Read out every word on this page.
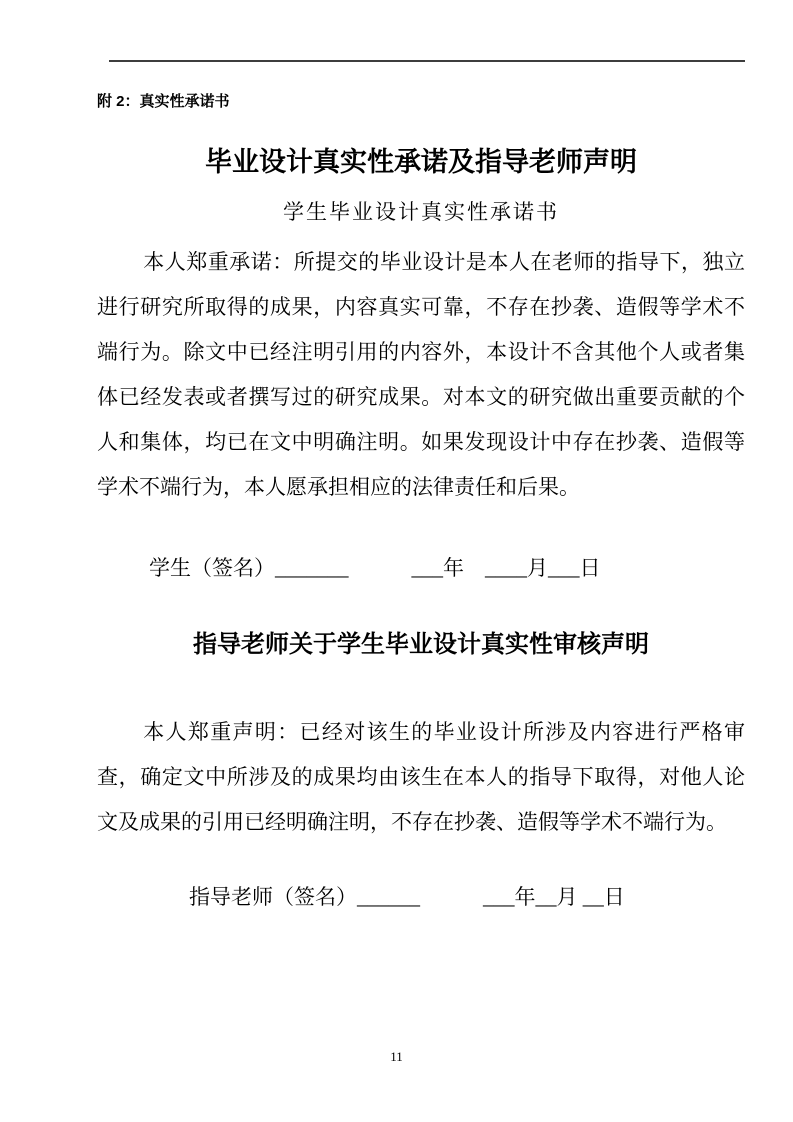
附 2：真实性承诺书
毕业设计真实性承诺及指导老师声明
学生毕业设计真实性承诺书

本人郑重承诺：所提交的毕业设计是本人在老师的指导下，独立进行研究所取得的成果，内容真实可靠，不存在抄袭、造假等学术不端行为。除文中已经注明引用的内容外，本设计不含其他个人或者集体已经发表或者撰写过的研究成果。对本文的研究做出重要贡献的个人和集体，均已在文中明确注明。如果发现设计中存在抄袭、造假等学术不端行为，本人愿承担相应的法律责任和后果。

学生（签名）_______　　　___年　____月___日

指导老师关于学生毕业设计真实性审核声明

本人郑重声明：已经对该生的毕业设计所涉及内容进行严格审查，确定文中所涉及的成果均由该生在本人的指导下取得，对他人论文及成果的引用已经明确注明，不存在抄袭、造假等学术不端行为。

指导老师（签名）______　　　___年__月 __日

11
